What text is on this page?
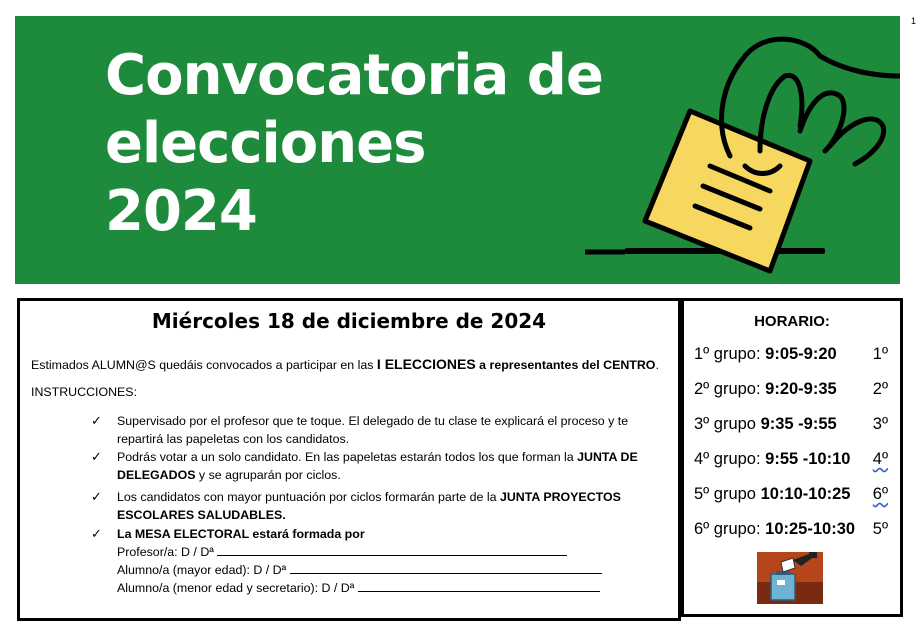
1
Convocatoria de
elecciones
2024
Miércoles 18 de diciembre de 2024
Estimados ALUMN@S quedáis convocados a participar en las I ELECCIONES a representantes del CENTRO.
INSTRUCCIONES:
✓ Supervisado por el profesor que te toque. El delegado de tu clase te explicará el proceso y te repartirá las papeletas con los candidatos.
✓ Podrás votar a un solo candidato. En las papeletas estarán todos los que forman la JUNTA DE DELEGADOS y se agruparán por ciclos.
✓ Los candidatos con mayor puntuación por ciclos formarán parte de la JUNTA PROYECTOS ESCOLARES SALUDABLES.
✓ La MESA ELECTORAL estará formada por
Profesor/a: D / Dª
Alumno/a (mayor edad): D / Dª
Alumno/a (menor edad y secretario): D / Dª
HORARIO:
1º grupo: 9:05-9:20 1º
2º grupo: 9:20-9:35 2º
3º grupo 9:35 -9:55 3º
4º grupo: 9:55 -10:10 4º
5º grupo 10:10-10:25 6º
6º grupo: 10:25-10:30 5º
